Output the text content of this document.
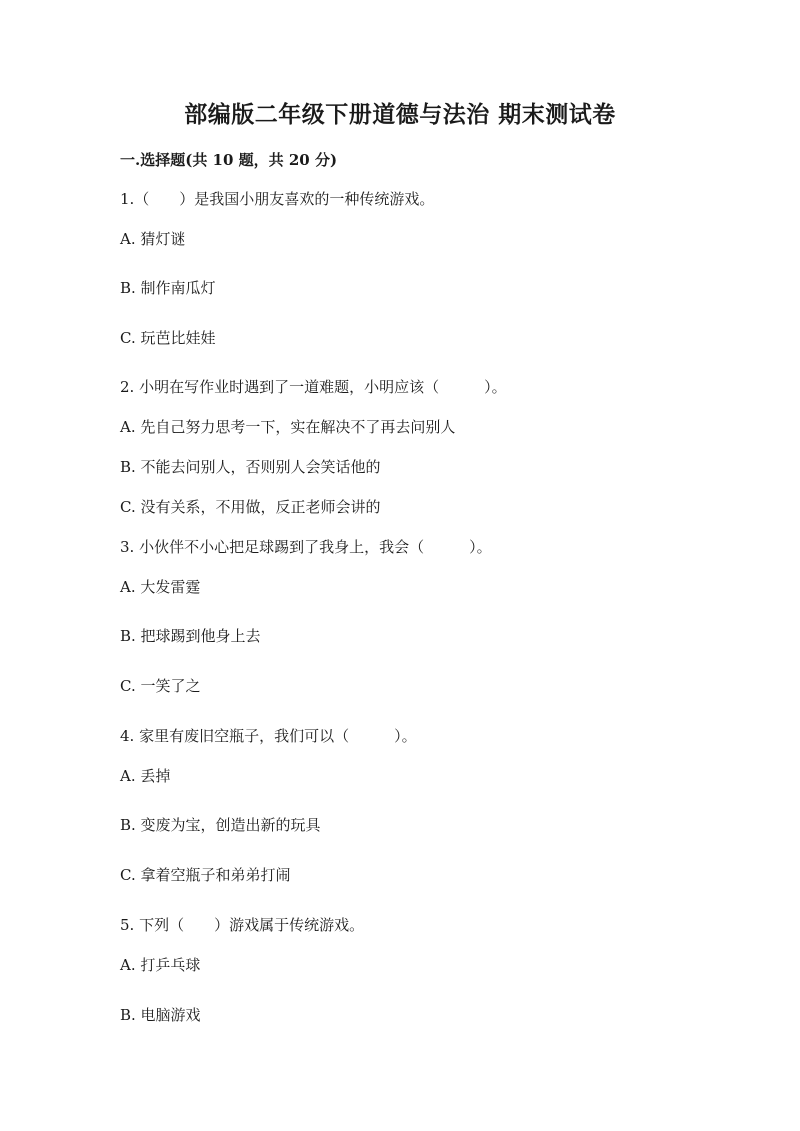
部编版二年级下册道德与法治 期末测试卷
一.选择题(共 10 题，共 20 分)
1.（　　）是我国小朋友喜欢的一种传统游戏。
A. 猜灯谜
B. 制作南瓜灯
C. 玩芭比娃娃
2. 小明在写作业时遇到了一道难题，小明应该（　　　）。
A. 先自己努力思考一下，实在解决不了再去问别人
B. 不能去问别人，否则别人会笑话他的
C. 没有关系，不用做，反正老师会讲的
3. 小伙伴不小心把足球踢到了我身上，我会（　　　）。
A. 大发雷霆
B. 把球踢到他身上去
C. 一笑了之
4. 家里有废旧空瓶子，我们可以（　　　）。
A. 丢掉
B. 变废为宝，创造出新的玩具
C. 拿着空瓶子和弟弟打闹
5. 下列（　　）游戏属于传统游戏。
A. 打乒乓球
B. 电脑游戏
